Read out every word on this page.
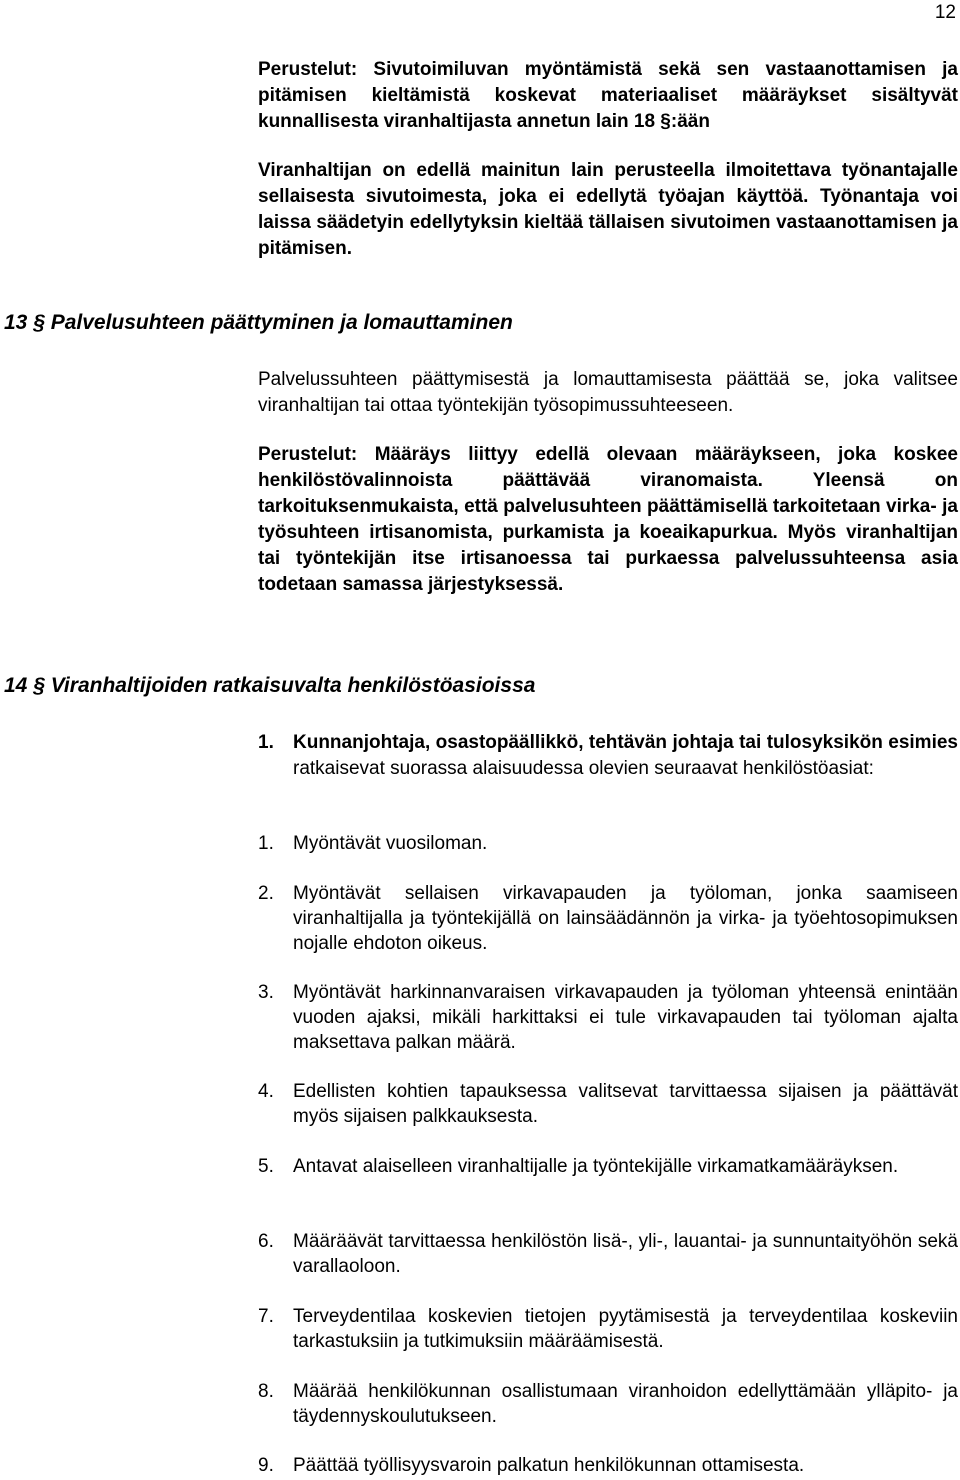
12

Perustelut: Sivutoimiluvan myöntämistä sekä sen vastaanottamisen ja pitämisen kieltämistä koskevat materiaaliset määräykset sisältyvät kunnallisesta viranhaltijasta annetun lain 18 §:ään

Viranhaltijan on edellä mainitun lain perusteella ilmoitettava työnantajalle sellaisesta sivutoimesta, joka ei edellytä työajan käyttöä. Työnantaja voi laissa säädetyin edellytyksin kieltää tällaisen sivutoimen vastaanottamisen ja pitämisen.

13 § Palvelusuhteen päättyminen ja lomauttaminen

Palvelussuhteen päättymisestä ja lomauttamisesta päättää se, joka valitsee viranhaltijan tai ottaa työntekijän työsopimussuhteeseen.

Perustelut: Määräys liittyy edellä olevaan määräykseen, joka koskee henkilöstövalinnoista päättävää viranomaista. Yleensä on tarkoituksenmukaista, että palvelusuhteen päättämisellä tarkoitetaan virka- ja työsuhteen irtisanomista, purkamista ja koeaikapurkua. Myös viranhaltijan tai työntekijän itse irtisanoessa tai purkaessa palvelussuhteensa asia todetaan samassa järjestyksessä.

14 § Viranhaltijoiden ratkaisuvalta henkilöstöasioissa
1. Kunnanjohtaja, osastopäällikkö, tehtävän johtaja tai tulosyksikön esimies ratkaisevat suorassa alaisuudessa olevien seuraavat henkilöstöasiat:
1. Myöntävät vuosiloman.
2. Myöntävät sellaisen virkavapauden ja työloman, jonka saamiseen viranhaltijalla ja työntekijällä on lainsäädännön ja virka- ja työehtosopimuksen nojalle ehdoton oikeus.
3. Myöntävät harkinnanvaraisen virkavapauden ja työloman yhteensä enintään vuoden ajaksi, mikäli harkittaksi ei tule virkavapauden tai työloman ajalta maksettava palkan määrä.
4. Edellisten kohtien tapauksessa valitsevat tarvittaessa sijaisen ja päättävät myös sijaisen palkkauksesta.
5. Antavat alaiselleen viranhaltijalle ja työntekijälle virkamatkamääräyksen.
6. Määräävät tarvittaessa henkilöstön lisä-, yli-, lauantai- ja sunnuntaityöhön sekä varallaoloon.
7. Terveydentilaa koskevien tietojen pyytämisestä ja terveydentilaa koskeviin tarkastuksiin ja tutkimuksiin määräämisestä.
8. Määrää henkilökunnan osallistumaan viranhoidon edellyttämään ylläpito- ja täydennyskoulutukseen.
9. Päättää työllisyysvaroin palkatun henkilökunnan ottamisesta.
